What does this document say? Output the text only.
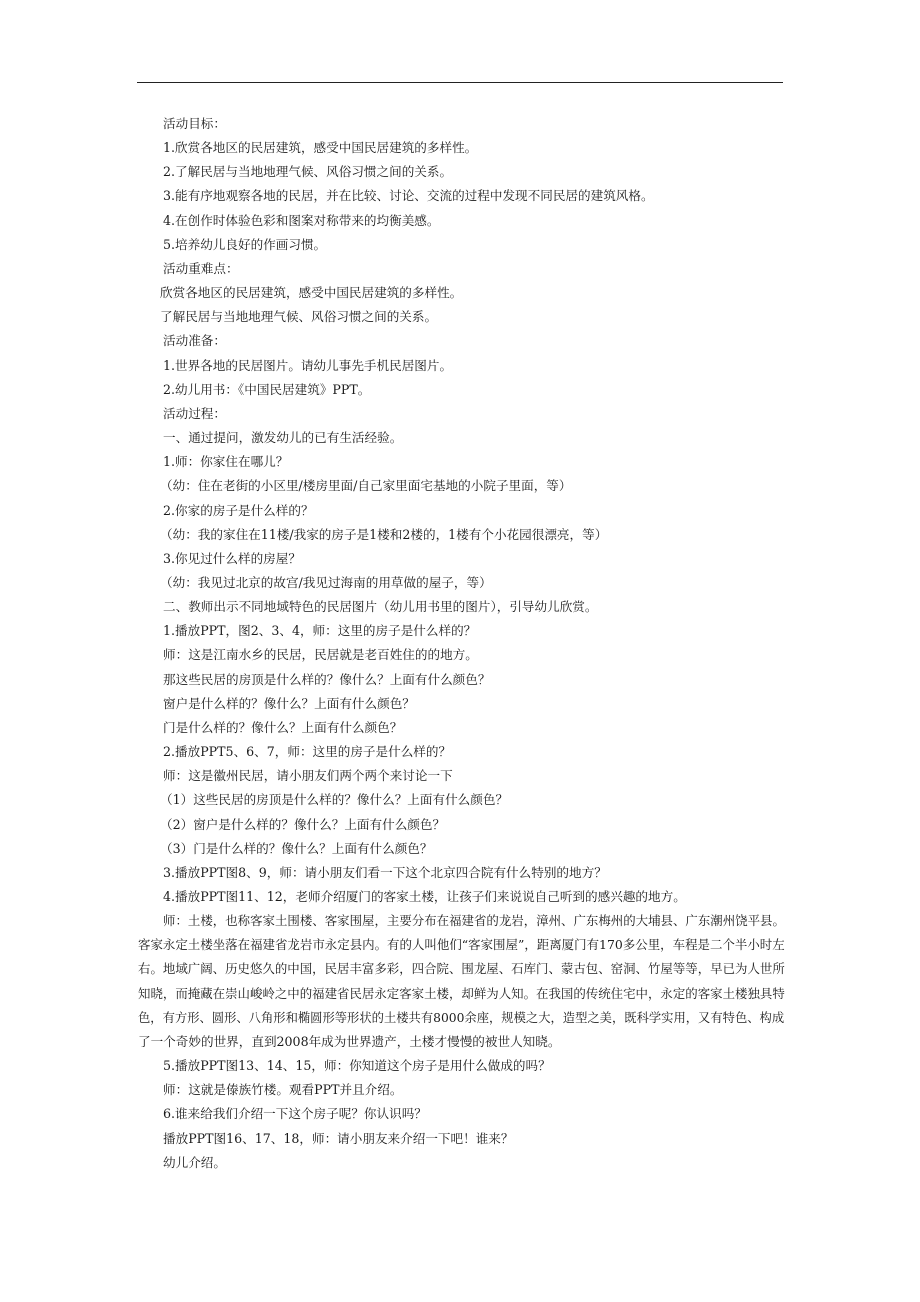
活动目标：

1.欣赏各地区的民居建筑，感受中国民居建筑的多样性。

2.了解民居与当地地理气候、风俗习惯之间的关系。

3.能有序地观察各地的民居，并在比较、讨论、交流的过程中发现不同民居的建筑风格。

4.在创作时体验色彩和图案对称带来的均衡美感。

5.培养幼儿良好的作画习惯。

活动重难点：

欣赏各地区的民居建筑，感受中国民居建筑的多样性。

了解民居与当地地理气候、风俗习惯之间的关系。

活动准备：

1.世界各地的民居图片。请幼儿事先手机民居图片。

2.幼儿用书：《中国民居建筑》PPT。

活动过程：

一、通过提问，激发幼儿的已有生活经验。

1.师：你家住在哪儿？

（幼：住在老街的小区里/楼房里面/自己家里面宅基地的小院子里面，等）

2.你家的房子是什么样的？

（幼：我的家住在11楼/我家的房子是1楼和2楼的，1楼有个小花园很漂亮，等）

3.你见过什么样的房屋？

（幼：我见过北京的故宫/我见过海南的用草做的屋子，等）

二、教师出示不同地域特色的民居图片（幼儿用书里的图片），引导幼儿欣赏。

1.播放PPT，图2、3、4，师：这里的房子是什么样的？

师：这是江南水乡的民居，民居就是老百姓住的的地方。

那这些民居的房顶是什么样的？像什么？上面有什么颜色？

窗户是什么样的？像什么？上面有什么颜色？

门是什么样的？像什么？上面有什么颜色？

2.播放PPT5、6、7，师：这里的房子是什么样的？

师：这是徽州民居，请小朋友们两个两个来讨论一下

（1）这些民居的房顶是什么样的？像什么？上面有什么颜色？

（2）窗户是什么样的？像什么？上面有什么颜色？

（3）门是什么样的？像什么？上面有什么颜色？

3.播放PPT图8、9，师：请小朋友们看一下这个北京四合院有什么特别的地方？

4.播放PPT图11、12，老师介绍厦门的客家土楼，让孩子们来说说自己听到的感兴趣的地方。

师：土楼，也称客家土围楼、客家围屋，主要分布在福建省的龙岩，漳州、广东梅州的大埔县、广东潮州饶平县。

客家永定土楼坐落在福建省龙岩市永定县内。有的人叫他们“客家围屋”，距离厦门有170多公里，车程是二个半小时左

右。地域广阔、历史悠久的中国，民居丰富多彩，四合院、围龙屋、石库门、蒙古包、窑洞、竹屋等等，早已为人世所

知晓，而掩藏在崇山峻岭之中的福建省民居永定客家土楼，却鲜为人知。在我国的传统住宅中，永定的客家土楼独具特

色，有方形、圆形、八角形和椭圆形等形状的土楼共有8000余座，规模之大，造型之美，既科学实用，又有特色、构成

了一个奇妙的世界，直到2008年成为世界遗产，土楼才慢慢的被世人知晓。

5.播放PPT图13、14、15，师：你知道这个房子是用什么做成的吗？

师：这就是傣族竹楼。观看PPT并且介绍。

6.谁来给我们介绍一下这个房子呢？你认识吗？

播放PPT图16、17、18，师：请小朋友来介绍一下吧！谁来？

幼儿介绍。
